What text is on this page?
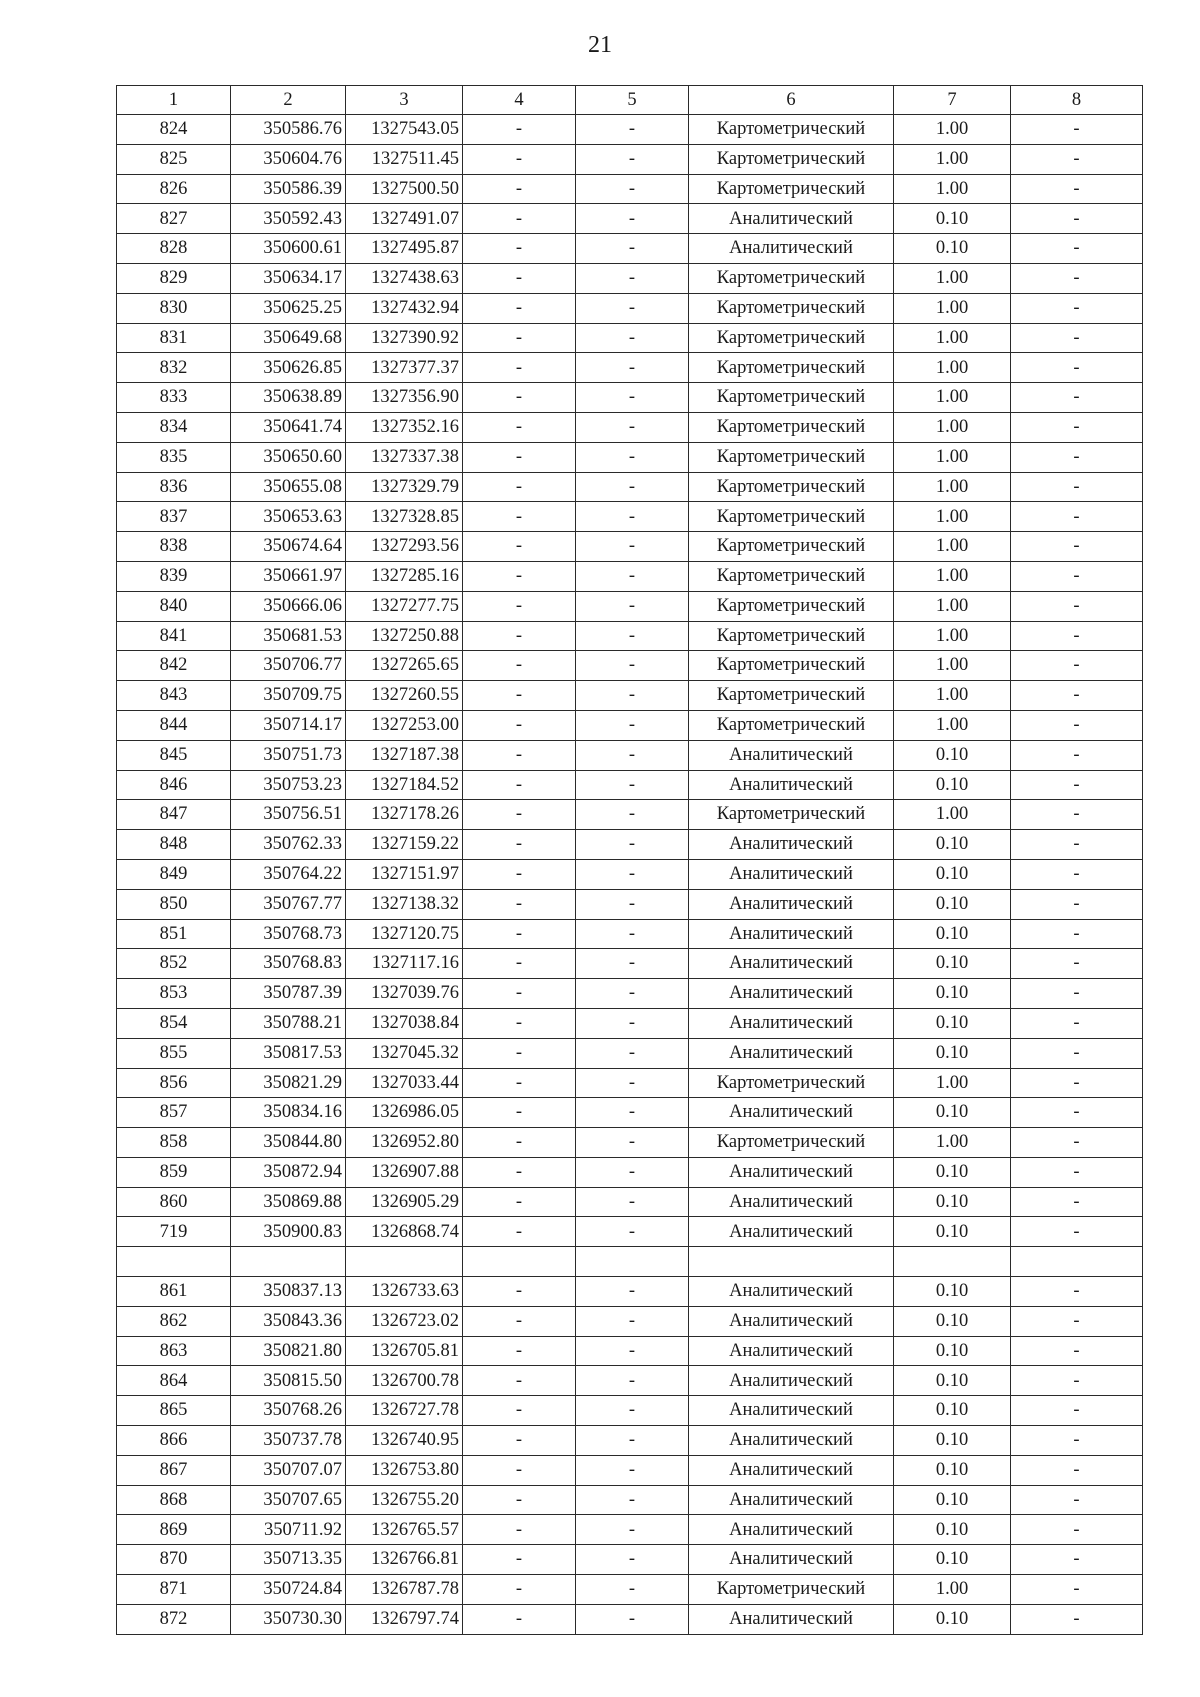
21
1	2	3	4	5	6	7	8
824	350586.76	1327543.05	-	-	Картометрический	1.00	-
825	350604.76	1327511.45	-	-	Картометрический	1.00	-
826	350586.39	1327500.50	-	-	Картометрический	1.00	-
827	350592.43	1327491.07	-	-	Аналитический	0.10	-
828	350600.61	1327495.87	-	-	Аналитический	0.10	-
829	350634.17	1327438.63	-	-	Картометрический	1.00	-
830	350625.25	1327432.94	-	-	Картометрический	1.00	-
831	350649.68	1327390.92	-	-	Картометрический	1.00	-
832	350626.85	1327377.37	-	-	Картометрический	1.00	-
833	350638.89	1327356.90	-	-	Картометрический	1.00	-
834	350641.74	1327352.16	-	-	Картометрический	1.00	-
835	350650.60	1327337.38	-	-	Картометрический	1.00	-
836	350655.08	1327329.79	-	-	Картометрический	1.00	-
837	350653.63	1327328.85	-	-	Картометрический	1.00	-
838	350674.64	1327293.56	-	-	Картометрический	1.00	-
839	350661.97	1327285.16	-	-	Картометрический	1.00	-
840	350666.06	1327277.75	-	-	Картометрический	1.00	-
841	350681.53	1327250.88	-	-	Картометрический	1.00	-
842	350706.77	1327265.65	-	-	Картометрический	1.00	-
843	350709.75	1327260.55	-	-	Картометрический	1.00	-
844	350714.17	1327253.00	-	-	Картометрический	1.00	-
845	350751.73	1327187.38	-	-	Аналитический	0.10	-
846	350753.23	1327184.52	-	-	Аналитический	0.10	-
847	350756.51	1327178.26	-	-	Картометрический	1.00	-
848	350762.33	1327159.22	-	-	Аналитический	0.10	-
849	350764.22	1327151.97	-	-	Аналитический	0.10	-
850	350767.77	1327138.32	-	-	Аналитический	0.10	-
851	350768.73	1327120.75	-	-	Аналитический	0.10	-
852	350768.83	1327117.16	-	-	Аналитический	0.10	-
853	350787.39	1327039.76	-	-	Аналитический	0.10	-
854	350788.21	1327038.84	-	-	Аналитический	0.10	-
855	350817.53	1327045.32	-	-	Аналитический	0.10	-
856	350821.29	1327033.44	-	-	Картометрический	1.00	-
857	350834.16	1326986.05	-	-	Аналитический	0.10	-
858	350844.80	1326952.80	-	-	Картометрический	1.00	-
859	350872.94	1326907.88	-	-	Аналитический	0.10	-
860	350869.88	1326905.29	-	-	Аналитический	0.10	-
719	350900.83	1326868.74	-	-	Аналитический	0.10	-

861	350837.13	1326733.63	-	-	Аналитический	0.10	-
862	350843.36	1326723.02	-	-	Аналитический	0.10	-
863	350821.80	1326705.81	-	-	Аналитический	0.10	-
864	350815.50	1326700.78	-	-	Аналитический	0.10	-
865	350768.26	1326727.78	-	-	Аналитический	0.10	-
866	350737.78	1326740.95	-	-	Аналитический	0.10	-
867	350707.07	1326753.80	-	-	Аналитический	0.10	-
868	350707.65	1326755.20	-	-	Аналитический	0.10	-
869	350711.92	1326765.57	-	-	Аналитический	0.10	-
870	350713.35	1326766.81	-	-	Аналитический	0.10	-
871	350724.84	1326787.78	-	-	Картометрический	1.00	-
872	350730.30	1326797.74	-	-	Аналитический	0.10	-
